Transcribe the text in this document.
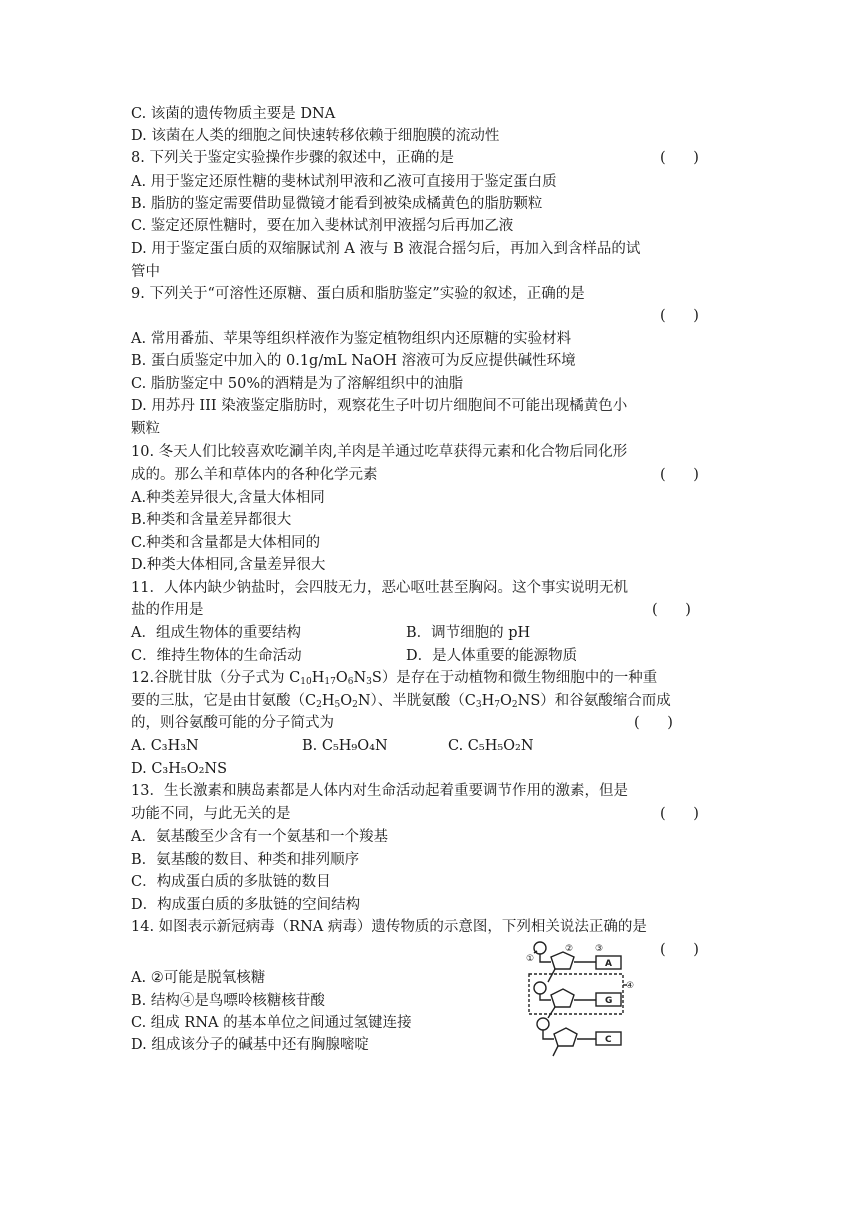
C. 该菌的遗传物质主要是 DNA
D. 该菌在人类的细胞之间快速转移依赖于细胞膜的流动性
8. 下列关于鉴定实验操作步骤的叙述中，正确的是	(      )
A. 用于鉴定还原性糖的斐林试剂甲液和乙液可直接用于鉴定蛋白质
B. 脂肪的鉴定需要借助显微镜才能看到被染成橘黄色的脂肪颗粒
C. 鉴定还原性糖时，要在加入斐林试剂甲液摇匀后再加乙液
D. 用于鉴定蛋白质的双缩脲试剂 A 液与 B 液混合摇匀后，再加入到含样品的试
管中
9. 下列关于“可溶性还原糖、蛋白质和脂肪鉴定”实验的叙述，正确的是
(      )
A. 常用番茄、苹果等组织样液作为鉴定植物组织内还原糖的实验材料
B. 蛋白质鉴定中加入的 0.1g/mL NaOH 溶液可为反应提供碱性环境
C. 脂肪鉴定中 50%的酒精是为了溶解组织中的油脂
D. 用苏丹 III 染液鉴定脂肪时，观察花生子叶切片细胞间不可能出现橘黄色小
颗粒
10. 冬天人们比较喜欢吃涮羊肉,羊肉是羊通过吃草获得元素和化合物后同化形
成的。那么羊和草体内的各种化学元素	(      )
A.种类差异很大,含量大体相同
B.种类和含量差异都很大
C.种类和含量都是大体相同的
D.种类大体相同,含量差异很大
11．人体内缺少钠盐时，会四肢无力，恶心呕吐甚至胸闷。这个事实说明无机
盐的作用是	(      )
A．组成生物体的重要结构	B．调节细胞的 pH
C．维持生物体的生命活动	D．是人体重要的能源物质
12.谷胱甘肽（分子式为 $C_{10}H_{17}O_6N_3S$）是存在于动植物和微生物细胞中的一种重
要的三肽，它是由甘氨酸$(C_2H_5O_2N)$、半胱氨酸$(C_3H_7O_2NS)$和谷氨酸缩合而成
的，则谷氨酸可能的分子简式为	(      )
A. C₃H₃N	B. C₅H₉O₄N	C. C₅H₅O₂N
D. C₃H₅O₂NS
13．生长激素和胰岛素都是人体内对生命活动起着重要调节作用的激素，但是
功能不同，与此无关的是	(      )
A．氨基酸至少含有一个氨基和一个羧基
B．氨基酸的数目、种类和排列顺序
C．构成蛋白质的多肽链的数目
D．构成蛋白质的多肽链的空间结构
14. 如图表示新冠病毒（RNA 病毒）遗传物质的示意图，下列相关说法正确的是
(      )
A. ②可能是脱氧核糖
B. 结构④是鸟嘌呤核糖核苷酸
C. 组成 RNA 的基本单位之间通过氢键连接
D. 组成该分子的碱基中还有胸腺嘧啶
①
② ③
④
A
G
C
